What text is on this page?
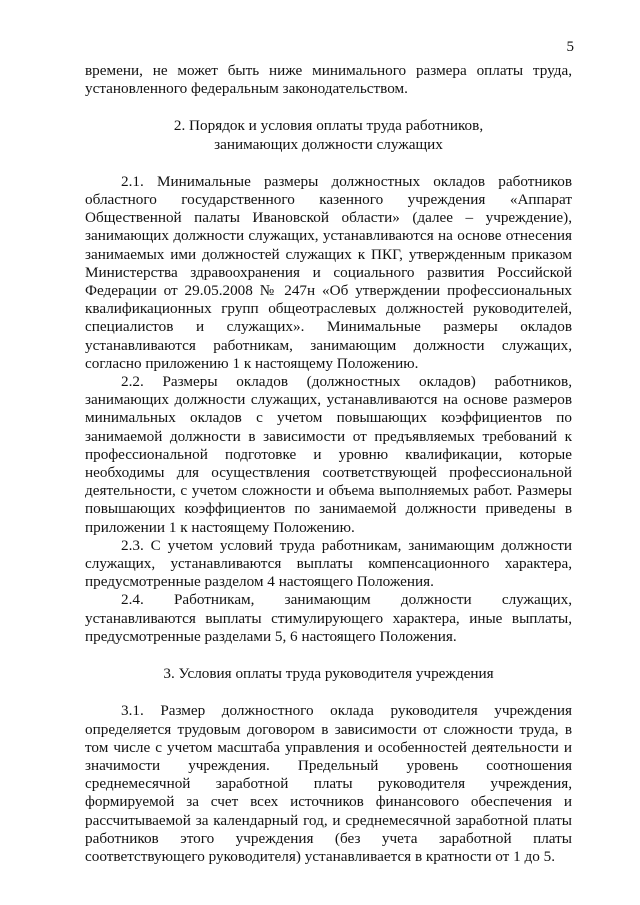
5

времени, не может быть ниже минимального размера оплаты труда, установленного федеральным законодательством.

2. Порядок и условия оплаты труда работников,

занимающих должности служащих

2.1. Минимальные размеры должностных окладов работников областного государственного казенного учреждения «Аппарат Общественной палаты Ивановской области» (далее – учреждение), занимающих должности служащих, устанавливаются на основе отнесения занимаемых ими должностей служащих к ПКГ, утвержденным приказом Министерства здравоохранения и социального развития Российской Федерации от 29.05.2008 № 247н «Об утверждении профессиональных квалификационных групп общеотраслевых должностей руководителей, специалистов и служащих». Минимальные размеры окладов устанавливаются работникам, занимающим должности служащих, согласно приложению 1 к настоящему Положению.

2.2. Размеры окладов (должностных окладов) работников, занимающих должности служащих, устанавливаются на основе размеров минимальных окладов с учетом повышающих коэффициентов по занимаемой должности в зависимости от предъявляемых требований к профессиональной подготовке и уровню квалификации, которые необходимы для осуществления соответствующей профессиональной деятельности, с учетом сложности и объема выполняемых работ. Размеры повышающих коэффициентов по занимаемой должности приведены в приложении 1 к настоящему Положению.

2.3. С учетом условий труда работникам, занимающим должности служащих, устанавливаются выплаты компенсационного характера, предусмотренные разделом 4 настоящего Положения.

2.4. Работникам, занимающим должности служащих, устанавливаются выплаты стимулирующего характера, иные выплаты, предусмотренные разделами 5, 6 настоящего Положения.

3. Условия оплаты труда руководителя учреждения

3.1. Размер должностного оклада руководителя учреждения определяется трудовым договором в зависимости от сложности труда, в том числе с учетом масштаба управления и особенностей деятельности и значимости учреждения. Предельный уровень соотношения среднемесячной заработной платы руководителя учреждения, формируемой за счет всех источников финансового обеспечения и рассчитываемой за календарный год, и среднемесячной заработной платы работников этого учреждения (без учета заработной платы соответствующего руководителя) устанавливается в кратности от 1 до 5.
